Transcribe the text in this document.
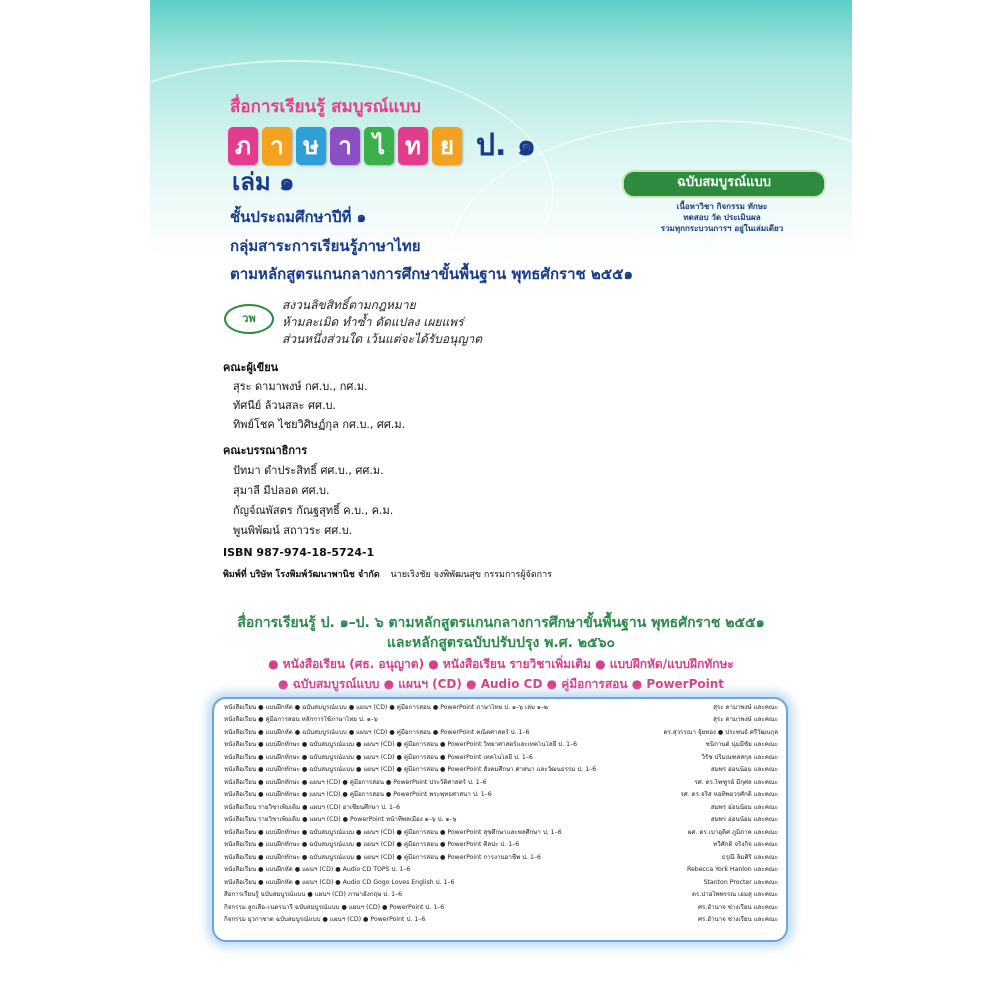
สื่อการเรียนรู้ สมบูรณ์แบบ
ภ า ษ า ไ ท ย ป. ๑
เล่ม ๑	ฉบับสมบูรณ์แบบ
เนื้อหาวิชา กิจกรรม ทักษะ
ทดสอบ วัด ประเมินผล
รวมทุกกระบวนการฯ อยู่ในเล่มเดียว
ชั้นประถมศึกษาปีที่ ๑
กลุ่มสาระการเรียนรู้ภาษาไทย
ตามหลักสูตรแกนกลางการศึกษาขั้นพื้นฐาน พุทธศักราช ๒๕๕๑
วพ
สงวนลิขสิทธิ์ตามกฎหมาย
ห้ามละเมิด ทำซ้ำ ดัดแปลง เผยแพร่
ส่วนหนึ่งส่วนใด เว้นแต่จะได้รับอนุญาต
คณะผู้เขียน
สุระ ดามาพงษ์ กศ.บ., กศ.ม.
ทัศนีย์ ล้วนสละ ศศ.บ.
ทิพย์โชค ไชยวิศิษฏ์กุล กศ.บ., ศศ.ม.
คณะบรรณาธิการ
ปัทมา ดำประสิทธิ์ ศศ.บ., ศศ.ม.
สุมาลี มีปลอด ศศ.บ.
กัญจ์ณพัสตร กัณฐสุทธิ์ ค.บ., ค.ม.
พูนพิพัฒน์ สถาวระ ศศ.บ.
ISBN 987-974-18-5724-1
พิมพ์ที่ บริษัท โรงพิมพ์วัฒนาพานิช จำกัด นายเริงชัย จงพิพัฒนสุข กรรมการผู้จัดการ
สื่อการเรียนรู้ ป. ๑–ป. ๖ ตามหลักสูตรแกนกลางการศึกษาขั้นพื้นฐาน พุทธศักราช ๒๕๕๑
และหลักสูตรฉบับปรับปรุง พ.ศ. ๒๕๖๐
● หนังสือเรียน (ศธ. อนุญาต) ● หนังสือเรียน รายวิชาเพิ่มเติม ● แบบฝึกหัด/แบบฝึกทักษะ
● ฉบับสมบูรณ์แบบ ● แผนฯ (CD) ● Audio CD ● คู่มือการสอน ● PowerPoint
หนังสือเรียน ● แบบฝึกหัด ● ฉบับสมบูรณ์แบบ ● แผนฯ (CD) ● คู่มือการสอน ● PowerPoint ภาษาไทย ป. ๑–๖ เล่ม ๑–๒	สุระ ดามาพงษ์ และคณะ
หนังสือเรียน ● คู่มือการสอน หลักการใช้ภาษาไทย ป. ๑–๖	สุระ ดามาพงษ์ และคณะ
หนังสือเรียน ● แบบฝึกหัด ● ฉบับสมบูรณ์แบบ ● แผนฯ (CD) ● คู่มือการสอน ● PowerPoint คณิตศาสตร์ ป. 1–6	ดร.สุวรรณา จุ้ยทอง ● ประพนธ์ ศรีวัฒนกุล
หนังสือเรียน ● แบบฝึกทักษะ ● ฉบับสมบูรณ์แบบ ● แผนฯ (CD) ● คู่มือการสอน ● PowerPoint วิทยาศาสตร์และเทคโนโลยี ป. 1–6	ชนิกานต์ นุ่มมีชัย และคณะ
หนังสือเรียน ● แบบฝึกทักษะ ● ฉบับสมบูรณ์แบบ ● แผนฯ (CD) ● คู่มือการสอน ● PowerPoint เทคโนโลยี ป. 1–6	วิรัช ปริมณฑลสกุล และคณะ
หนังสือเรียน ● แบบฝึกทักษะ ● ฉบับสมบูรณ์แบบ ● แผนฯ (CD) ● คู่มือการสอน ● PowerPoint สังคมศึกษา ศาสนา และวัฒนธรรม ป. 1–6	สมพร อ่อนน้อม และคณะ
หนังสือเรียน ● แบบฝึกทักษะ ● แผนฯ (CD) ● คู่มือการสอน ● PowerPoint ประวัติศาสตร์ ป. 1–6	รศ. ดร.ไพฑูรย์ มีกุศล และคณะ
หนังสือเรียน ● แบบฝึกทักษะ ● แผนฯ (CD) ● คู่มือการสอน ● PowerPoint พระพุทธศาสนา ป. 1–6	รศ. ดร.จริส หอทิพยวรศักดิ์ และคณะ
หนังสือเรียน รายวิชาเพิ่มเติม ● แผนฯ (CD) อาเซียนศึกษา ป. 1–6	สมพร อ่อนน้อม และคณะ
หนังสือเรียน รายวิชาเพิ่มเติม ● แผนฯ (CD) ● PowerPoint หน้าที่พลเมือง ๑–๖ ป. ๑–๖	สมพร อ่อนน้อม และคณะ
หนังสือเรียน ● แบบฝึกทักษะ ● ฉบับสมบูรณ์แบบ ● แผนฯ (CD) ● คู่มือการสอน ● PowerPoint สุขศึกษาและพลศึกษา ป. 1–6	ผศ. ดร.เบาอุดิศ ภูมิภาค และคณะ
หนังสือเรียน ● แบบฝึกทักษะ ● ฉบับสมบูรณ์แบบ ● แผนฯ (CD) ● คู่มือการสอน ● PowerPoint ศิลปะ ป. 1–6	ทวีศักดิ์ จริงกิจ และคณะ
หนังสือเรียน ● แบบฝึกทักษะ ● ฉบับสมบูรณ์แบบ ● แผนฯ (CD) ● คู่มือการสอน ● PowerPoint การงานอาชีพ ป. 1–6	ธรุณี ลิ้มศิริ และคณะ
หนังสือเรียน ● แบบฝึกหัด ● แผนฯ (CD) ● Audio CD TOPS ป. 1–6	Rebecca York Hanlon และคณะ
หนังสือเรียน ● แบบฝึกหัด ● แผนฯ (CD) ● Audio CD Gogo Loves English ป. 1–6	Stanton Procter และคณะ
สื่อการเรียนรู้ ฉบับสมบูรณ์แบบ ● แผนฯ (CD) ภาษาอังกฤษ ป. 1–6	ดร.ปาอไพพรรณ เอมสุ และคณะ
กิจกรรม ลูกเสือ–เนตรนารี ฉบับสมบูรณ์แบบ ● แผนฯ (CD) ● PowerPoint ป. 1–6	ศร.อำนาจ ช่างเรียน และคณะ
กิจกรรม ยุวกาชาด ฉบับสมบูรณ์แบบ ● แผนฯ (CD) ● PowerPoint ป. 1–6	ศร.อำนาจ ช่างเรียน และคณะ
